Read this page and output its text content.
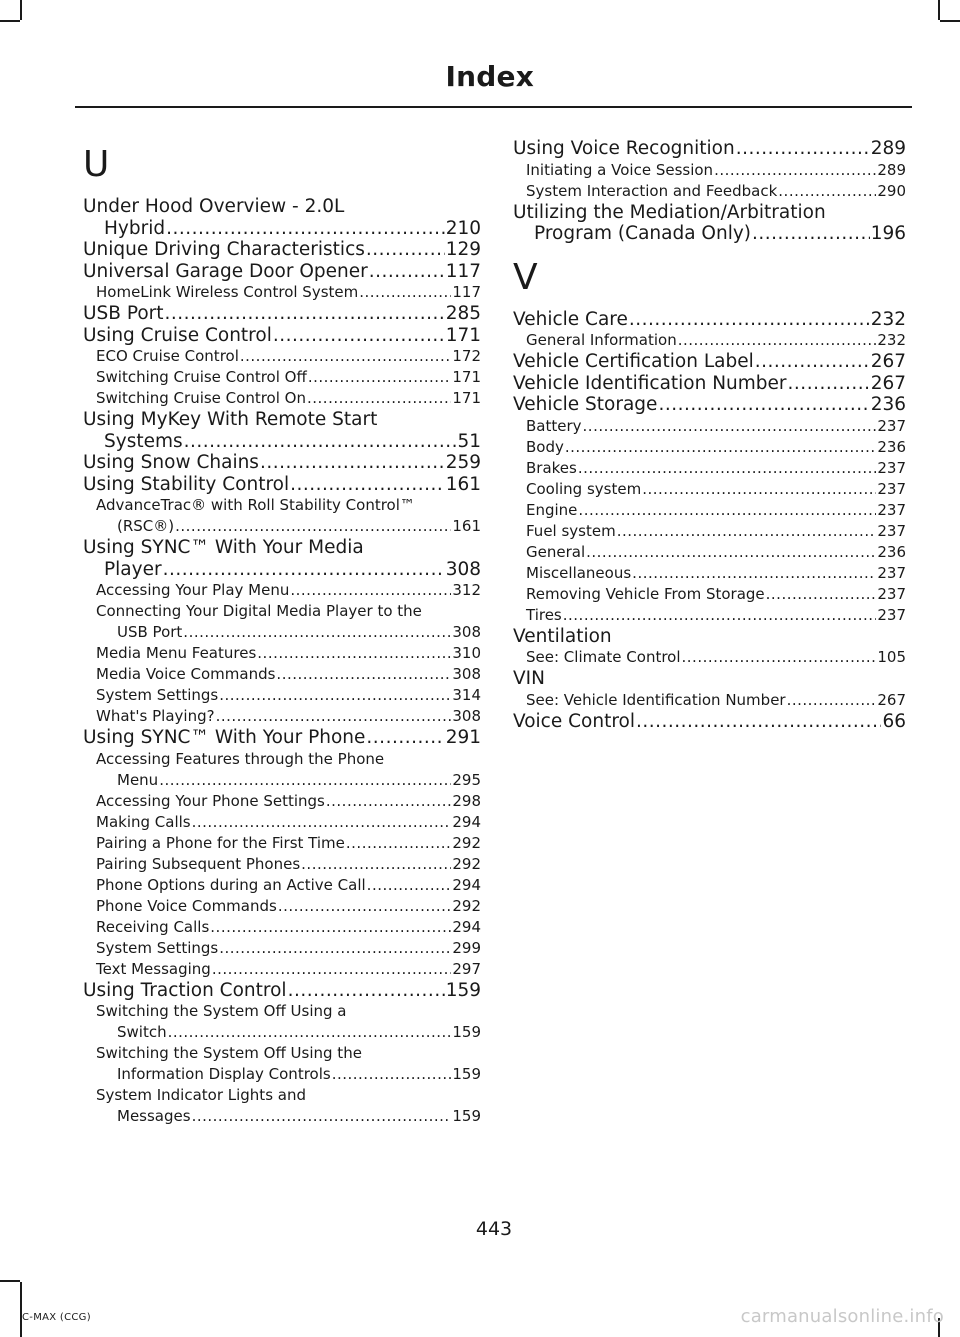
Index
U
Under Hood Overview - 2.0L
Hybrid .....	210
Unique Driving Characteristics .....	129
Universal Garage Door Opener .....	117
HomeLink Wireless Control System .....	117
USB Port .....	285
Using Cruise Control .....	171
ECO Cruise Control .....	172
Switching Cruise Control Off .....	171
Switching Cruise Control On .....	171
Using MyKey With Remote Start
Systems .....	51
Using Snow Chains .....	259
Using Stability Control .....	161
AdvanceTrac® with Roll Stability Control™
(RSC®) .....	161
Using SYNC™ With Your Media
Player .....	308
Accessing Your Play Menu .....	312
Connecting Your Digital Media Player to the
USB Port .....	308
Media Menu Features .....	310
Media Voice Commands .....	308
System Settings .....	314
What's Playing? .....	308
Using SYNC™ With Your Phone .....	291
Accessing Features through the Phone
Menu .....	295
Accessing Your Phone Settings .....	298
Making Calls .....	294
Pairing a Phone for the First Time .....	292
Pairing Subsequent Phones .....	292
Phone Options during an Active Call .....	294
Phone Voice Commands .....	292
Receiving Calls .....	294
System Settings .....	299
Text Messaging .....	297
Using Traction Control .....	159
Switching the System Off Using a
Switch .....	159
Switching the System Off Using the
Information Display Controls .....	159
System Indicator Lights and
Messages .....	159
Using Voice Recognition .....	289
Initiating a Voice Session .....	289
System Interaction and Feedback .....	290
Utilizing the Mediation/Arbitration
Program (Canada Only) .....	196
V
Vehicle Care .....	232
General Information .....	232
Vehicle Certification Label .....	267
Vehicle Identification Number .....	267
Vehicle Storage .....	236
Battery .....	237
Body .....	236
Brakes .....	237
Cooling system .....	237
Engine .....	237
Fuel system .....	237
General .....	236
Miscellaneous .....	237
Removing Vehicle From Storage .....	237
Tires .....	237
Ventilation
See: Climate Control .....	105
VIN
See: Vehicle Identification Number .....	267
Voice Control .....	66
443
C-MAX (CCG)	carmanualsonline.info
